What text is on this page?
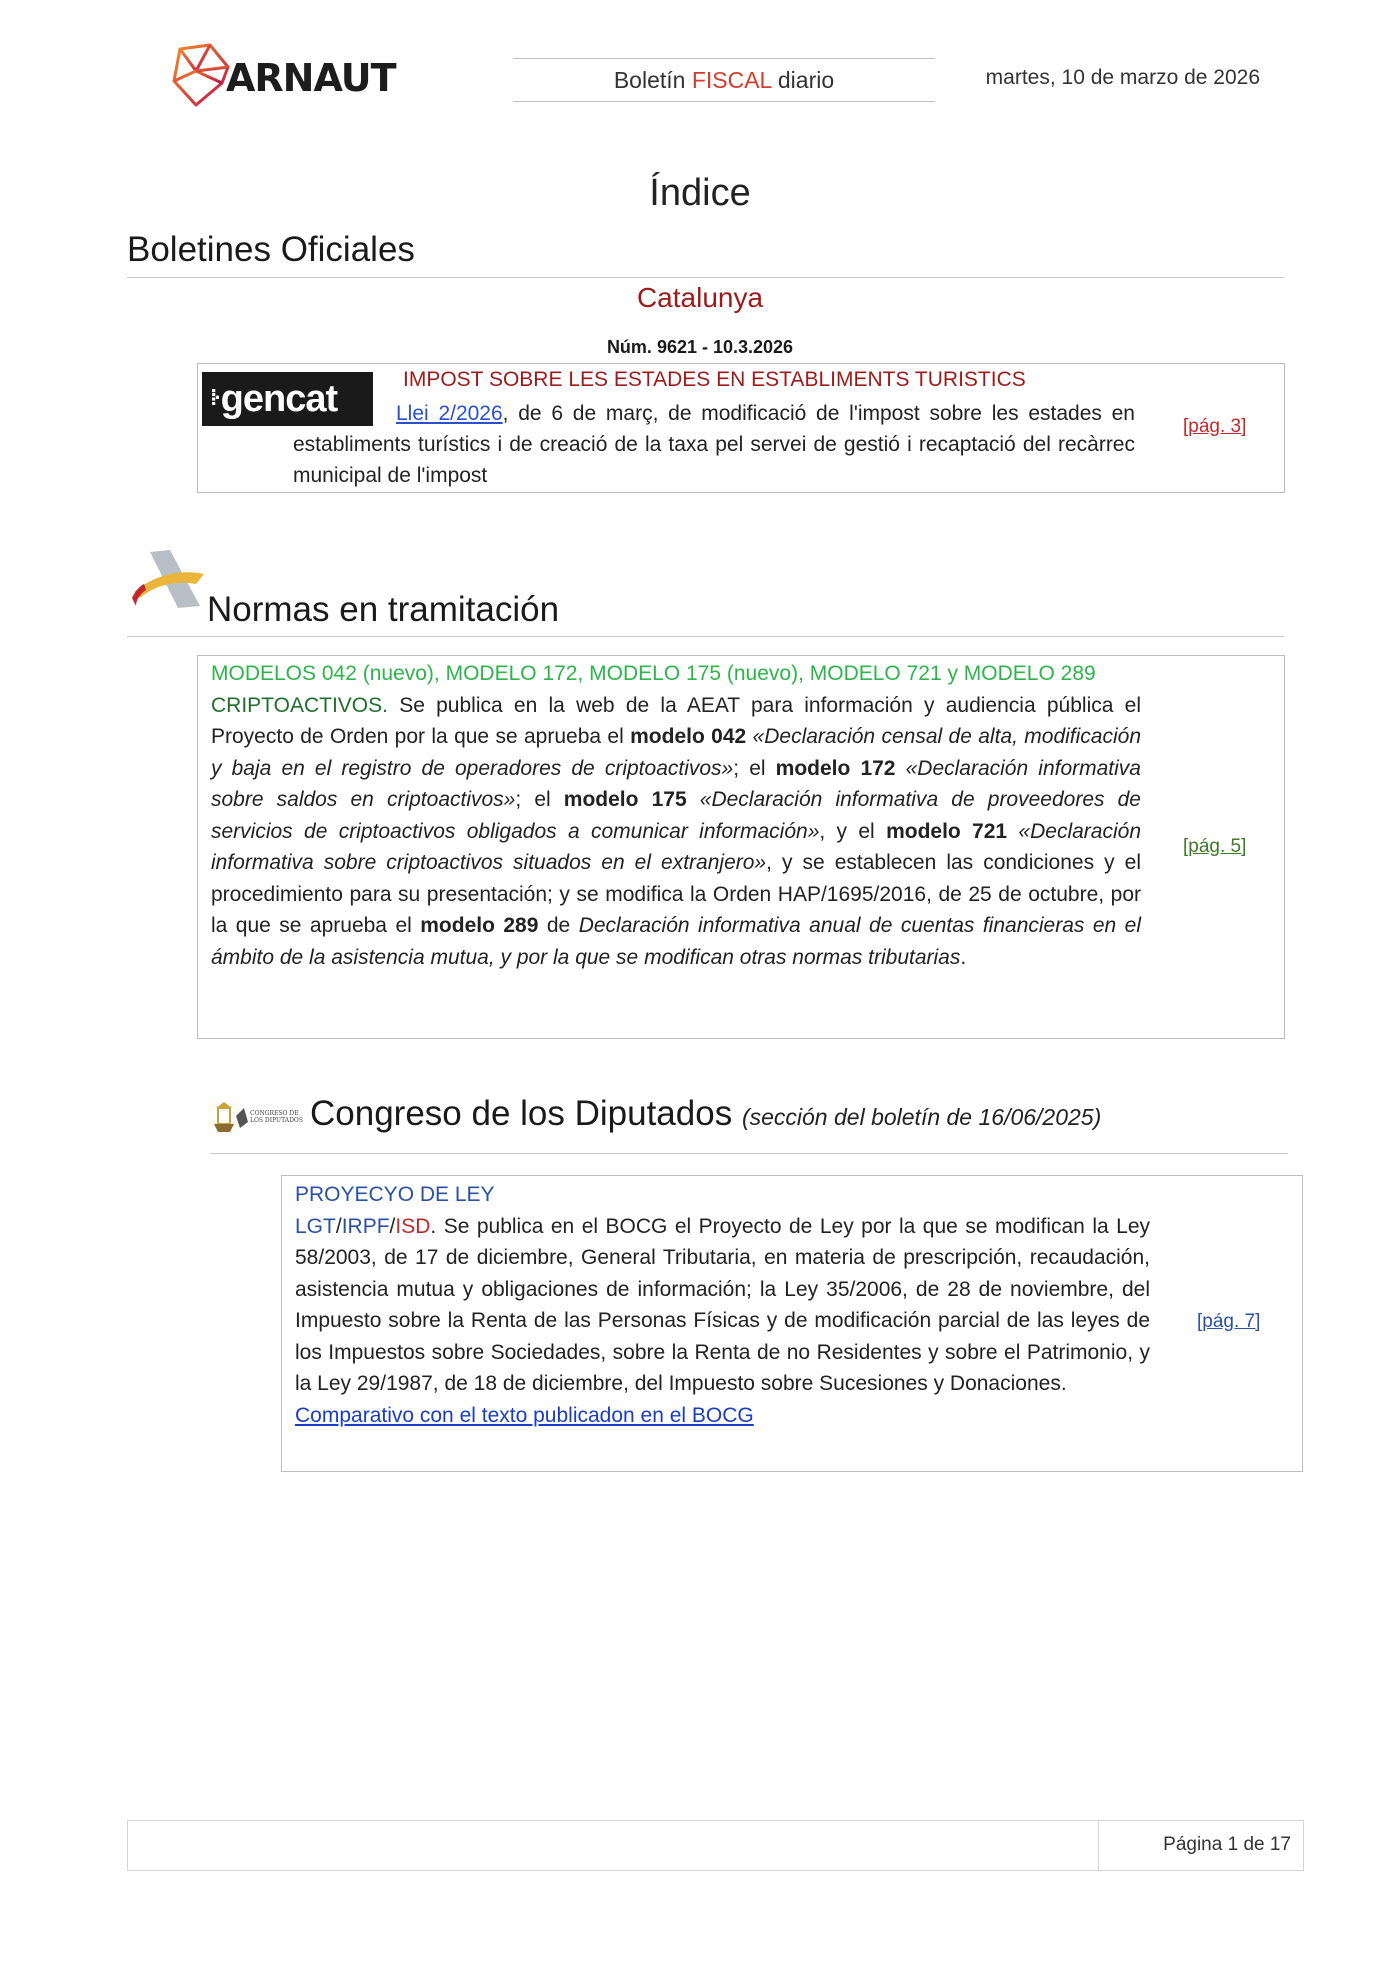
ARNAUT	Boletín FISCAL diario	martes, 10 de marzo de 2026
Índice
Boletines Oficiales
Catalunya
Núm. 9621 - 10.3.2026
⁞·gencat	IMPOST SOBRE LES ESTADES EN ESTABLIMENTS TURISTICS
Llei 2/2026, de 6 de març, de modificació de l'impost sobre les estades en establiments turístics i de creació de la taxa pel servei de gestió i recaptació del recàrrec municipal de l'impost
[pág. 3]
Normas en tramitación
MODELOS 042 (nuevo), MODELO 172, MODELO 175 (nuevo), MODELO 721 y MODELO 289
CRIPTOACTIVOS. Se publica en la web de la AEAT para información y audiencia pública el Proyecto de Orden por la que se aprueba el modelo 042 «Declaración censal de alta, modificación y baja en el registro de operadores de criptoactivos»; el modelo 172 «Declaración informativa sobre saldos en criptoactivos»; el modelo 175 «Declaración informativa de proveedores de servicios de criptoactivos obligados a comunicar información», y el modelo 721 «Declaración informativa sobre criptoactivos situados en el extranjero», y se establecen las condiciones y el procedimiento para su presentación; y se modifica la Orden HAP/1695/2016, de 25 de octubre, por la que se aprueba el modelo 289 de Declaración informativa anual de cuentas financieras en el ámbito de la asistencia mutua, y por la que se modifican otras normas tributarias.
[pág. 5]
Congreso de los Diputados (sección del boletín de 16/06/2025)
CONGRESO DE LOS DIPUTADOS
PROYECYO DE LEY
LGT/IRPF/ISD. Se publica en el BOCG el Proyecto de Ley por la que se modifican la Ley 58/2003, de 17 de diciembre, General Tributaria, en materia de prescripción, recaudación, asistencia mutua y obligaciones de información; la Ley 35/2006, de 28 de noviembre, del Impuesto sobre la Renta de las Personas Físicas y de modificación parcial de las leyes de los Impuestos sobre Sociedades, sobre la Renta de no Residentes y sobre el Patrimonio, y la Ley 29/1987, de 18 de diciembre, del Impuesto sobre Sucesiones y Donaciones.
Comparativo con el texto publicadon en el BOCG
[pág. 7]
Página 1 de 17
